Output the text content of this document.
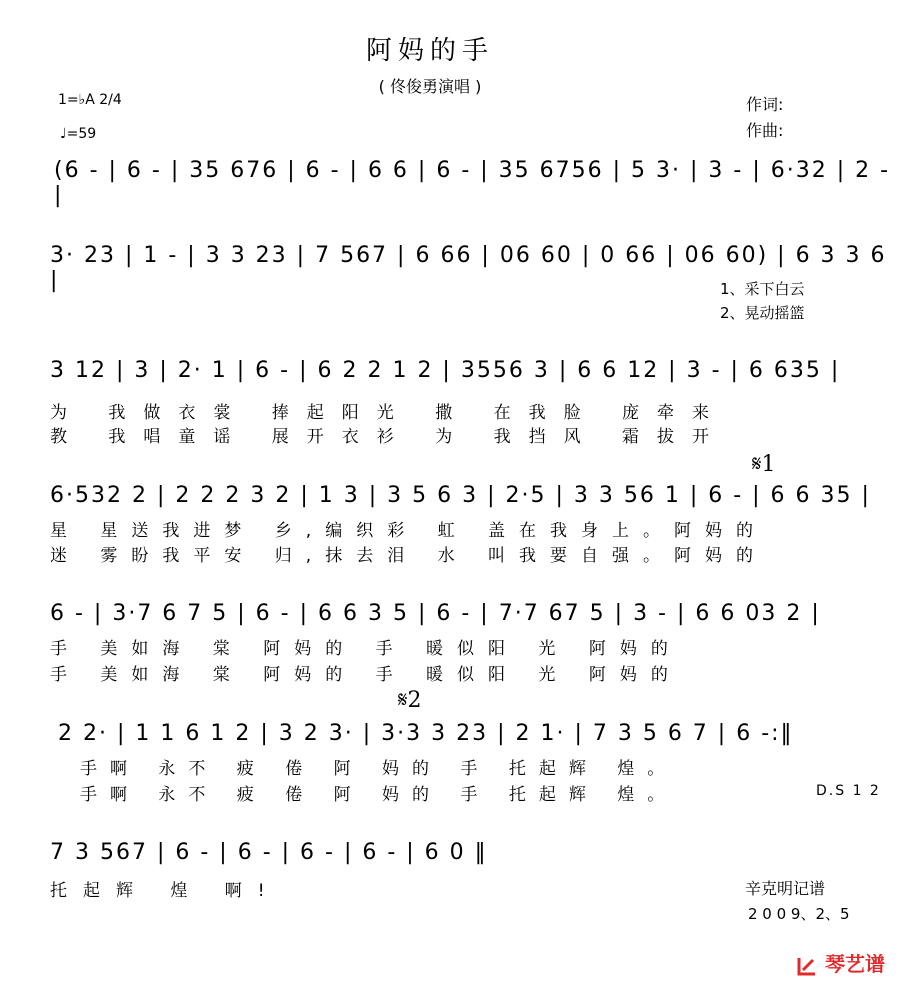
阿妈的手
( 佟俊勇演唱 )
1=♭A 2/4
♩=59
作词:
作曲:
(6 - | 6 - | 35 676 | 6 - | 6 6 | 6 - | 35 6756 | 5 3· | 3 - | 6·32 | 2 - |
3· 23 | 1 - | 3 3 23 | 7 567 | 6 66 | 06 60 | 0 66 | 06 60) | 6 3 3 6 |	1、采下白云
2、晃动摇篮
3 12 | 3 | 2· 1 | 6 - | 6 2 2 1 2 | 3556 3 | 6 6 12 | 3 - | 6 635 |
为 我做衣裳 捧起阳光 撒 在我脸 庞牵来
教 我唱童谣 展开衣衫 为 我挡风 霜拔开
𝄋1
6·532 2 | 2 2 2 3 2 | 1 3 | 3 5 6 3 | 2·5 | 3 3 56 1 | 6 - | 6 6 35 |
星 星送我进梦 乡,编织彩 虹 盖在我身上。阿妈的
迷 雾盼我平安 归,抹去泪 水 叫我要自强。阿妈的
6 - | 3·7 6 7 5 | 6 - | 6 6 3 5 | 6 - | 7·7 67 5 | 3 - | 6 6 03 2 |
手 美如海 棠 阿妈的 手 暖似阳 光 阿妈的
手 美如海 棠 阿妈的 手 暖似阳 光 阿妈的
𝄋2
2 2· | 1 1 6 1 2 | 3 2 3· | 3·3 3 23 | 2 1· | 7 3 5 6 7 | 6 -:‖
手啊 永不 疲 倦 阿 妈的 手 托起辉 煌。
手啊 永不 疲 倦 阿 妈的 手 托起辉 煌。	D.S 1 2
7 3 567 | 6 - | 6 - | 6 - | 6 - | 6 0 ‖
托起辉 煌 啊!	辛克明记谱
2 0 0 9、2、5
琴艺谱
